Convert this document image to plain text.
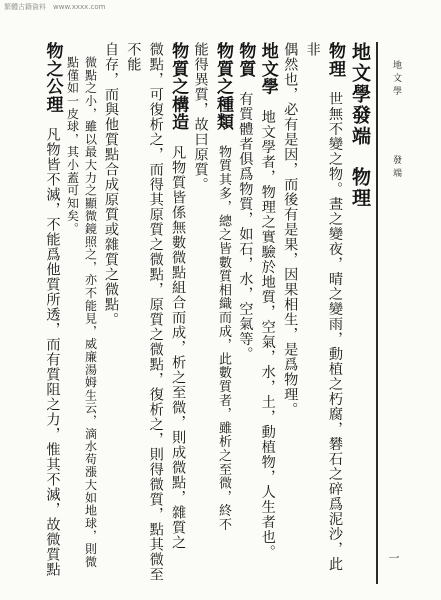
繁體古籍資料　www.xxxx.com
地文學發端
一
地文學發端物理
物理世無不變之物。晝之變夜，晴之變雨，動植之朽腐，礬石之碎爲泥沙，此非
偶然也，必有是因，而後有是果，因果相生，是爲物理。
地文學地文學者，物理之實驗於地質，空氣，水，土，動植物，人生者也。
物質有質體者俱爲物質，如石，水，空氣等。
物質之種類物質其多，總之皆數質相織而成，此數質者，雖析之至微，終不
能得異質，故曰原質。
物質之構造凡物質皆係無數微點組合而成，析之至微，則成微點，雜質之
微點，可復析之，而得其原質之微點，原質之微點，復析之，則得微質，點其微至不能
自存，而與他質點合成原質或雜質之微點。
微點之小，雖以最大力之顯微鏡照之，亦不能見，威廉湯姆生云，滴水苟漲大如地球，則微
點僅如一皮球，其小蓋可知矣。
物之公理凡物皆不滅，不能爲他質所透，而有質阻之力，惟其不滅，故微質點
